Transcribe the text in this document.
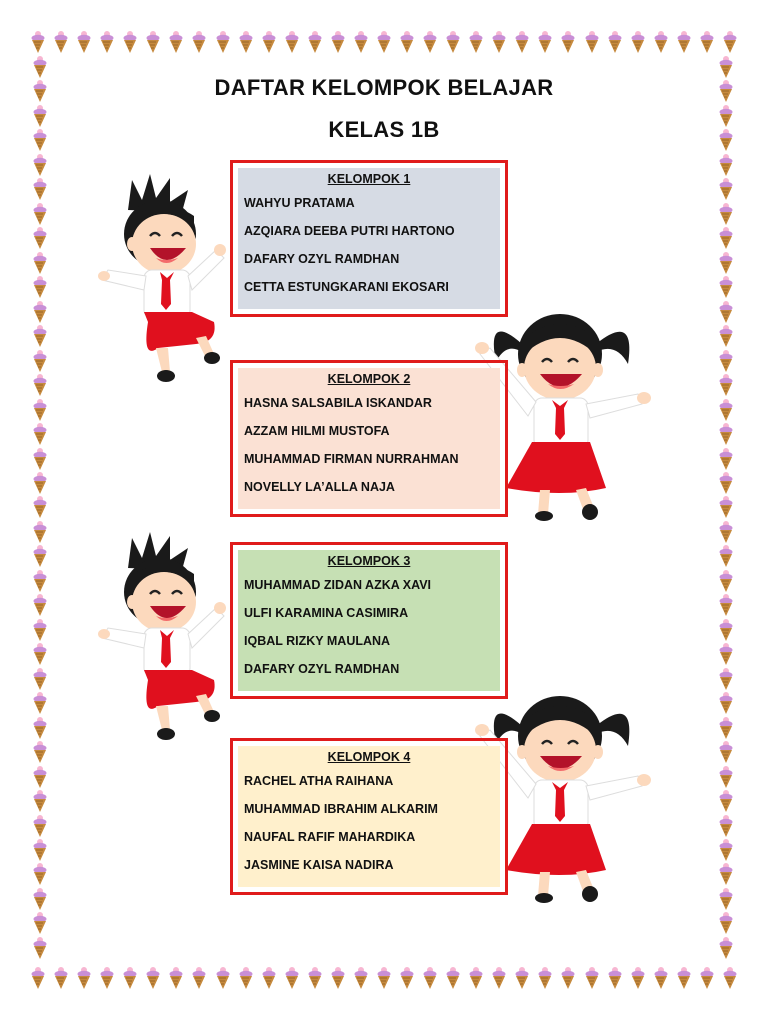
DAFTAR KELOMPOK BELAJAR
KELAS 1B
KELOMPOK 1
WAHYU PRATAMA
AZQIARA DEEBA PUTRI HARTONO
DAFARY OZYL RAMDHAN
CETTA ESTUNGKARANI EKOSARI
KELOMPOK 2
HASNA SALSABILA ISKANDAR
AZZAM HILMI MUSTOFA
MUHAMMAD FIRMAN NURRAHMAN
NOVELLY LA’ALLA NAJA
KELOMPOK 3
MUHAMMAD ZIDAN AZKA XAVI
ULFI KARAMINA CASIMIRA
IQBAL RIZKY MAULANA
DAFARY OZYL RAMDHAN
KELOMPOK 4
RACHEL ATHA RAIHANA
MUHAMMAD IBRAHIM ALKARIM
NAUFAL RAFIF MAHARDIKA
JASMINE KAISA NADIRA
